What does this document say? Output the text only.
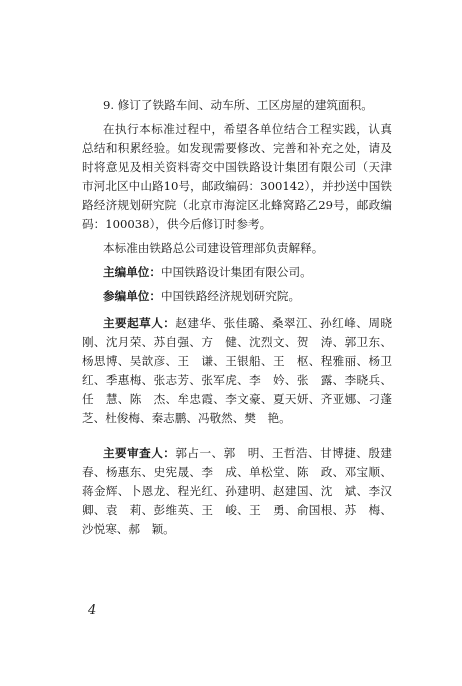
9. 修订了铁路车间、动车所、工区房屋的建筑面积。

在执行本标准过程中，希望各单位结合工程实践，认真总结和积累经验。如发现需要修改、完善和补充之处，请及时将意见及相关资料寄交中国铁路设计集团有限公司（天津市河北区中山路10号，邮政编码：300142），并抄送中国铁路经济规划研究院（北京市海淀区北蜂窝路乙29号，邮政编码：100038），供今后修订时参考。

本标准由铁路总公司建设管理部负责解释。

主编单位：中国铁路设计集团有限公司。

参编单位：中国铁路经济规划研究院。

主要起草人：赵建华、张佳璐、桑翠江、孙红峰、周晓刚、沈月荣、苏自强、方　健、沈烈文、贺　涛、郭卫东、杨思博、吴歆彦、王　谦、王银船、王　枢、程雅丽、杨卫红、季惠梅、张志芳、张军虎、李　妗、张　露、李晓兵、任　慧、陈　杰、牟忠霞、李文豪、夏天妍、齐亚娜、刁蓬芝、杜俊梅、秦志鹏、冯敬然、樊　艳。

主要审查人：郭占一、郭　明、王哲浩、甘博捷、殷建春、杨惠东、史宪晟、李　成、单松堂、陈　政、邓宝顺、蒋金辉、卜恩龙、程光红、孙建明、赵建国、沈　斌、李汉卿、袁　莉、彭维英、王　峻、王　勇、俞国根、苏　梅、沙悦寒、郝　颖。

4
